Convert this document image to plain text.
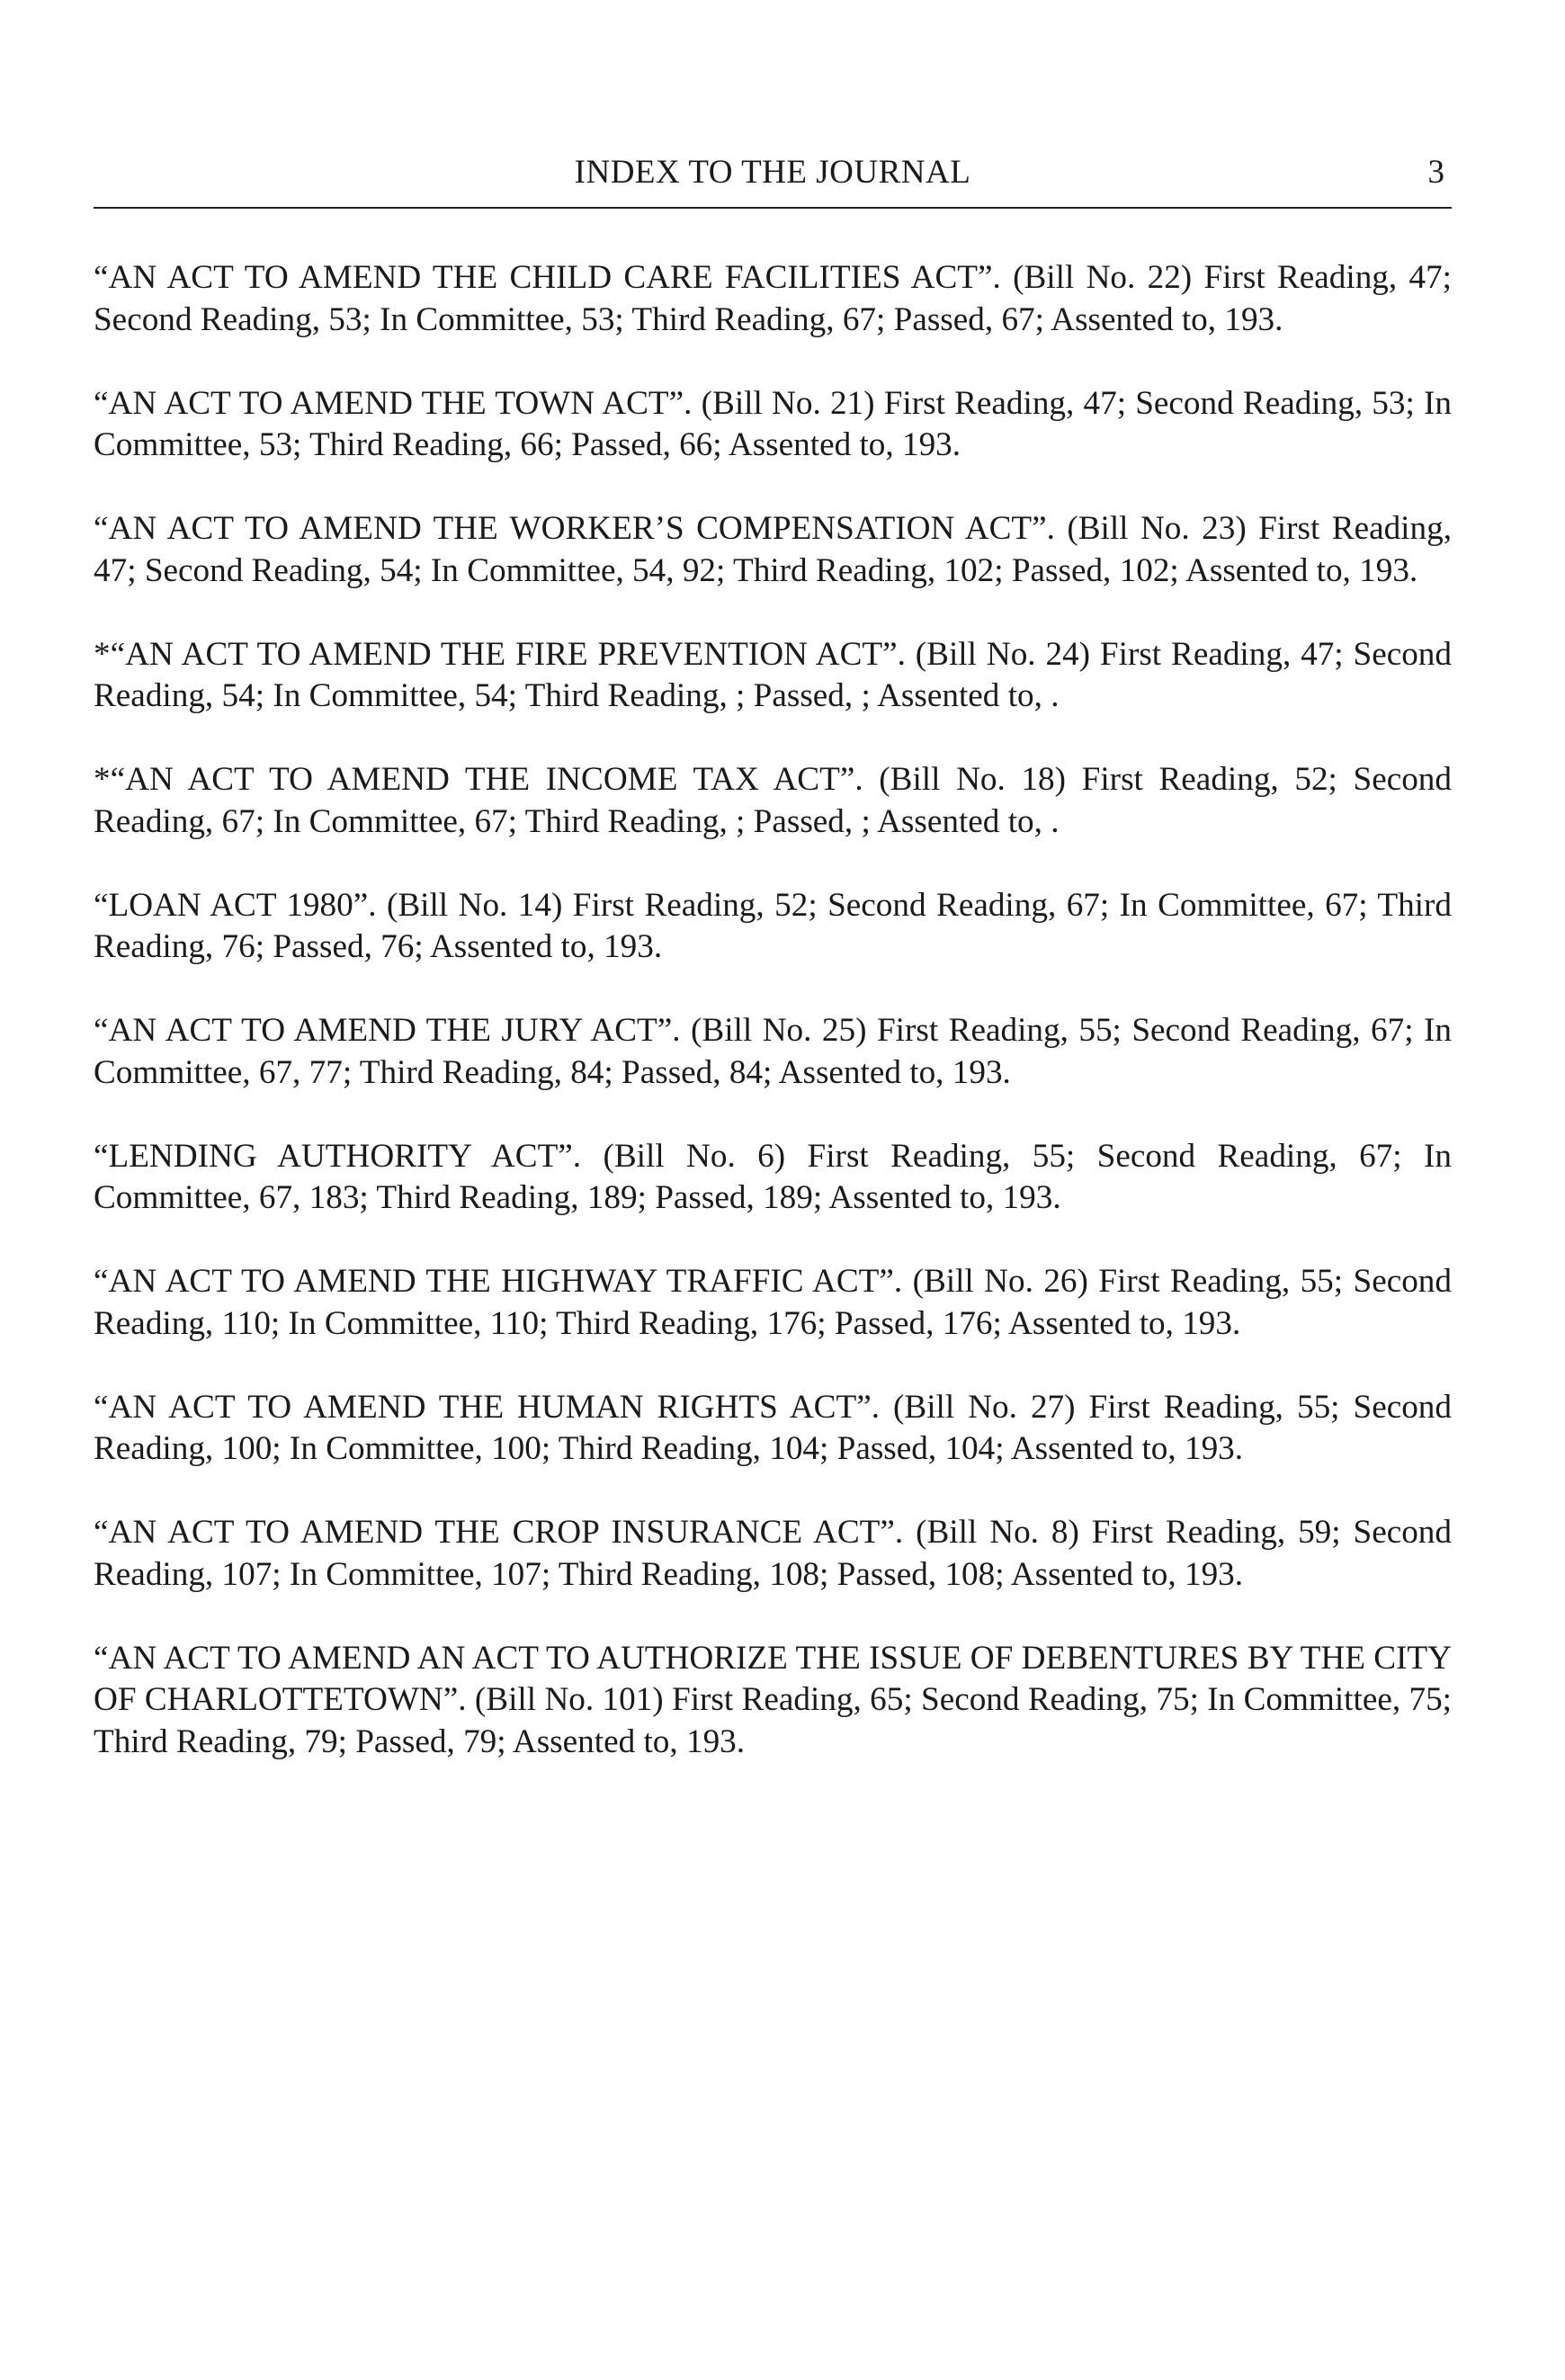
INDEX TO THE JOURNAL	3

“AN ACT TO AMEND THE CHILD CARE FACILITIES ACT”. (Bill No. 22) First Reading, 47; Second Reading, 53; In Committee, 53; Third Reading, 67; Passed, 67; Assented to, 193.

“AN ACT TO AMEND THE TOWN ACT”. (Bill No. 21) First Reading, 47; Second Reading, 53; In Committee, 53; Third Reading, 66; Passed, 66; Assented to, 193.

“AN ACT TO AMEND THE WORKER’S COMPENSATION ACT”. (Bill No. 23) First Reading, 47; Second Reading, 54; In Committee, 54, 92; Third Reading, 102; Passed, 102; Assented to, 193.

*“AN ACT TO AMEND THE FIRE PREVENTION ACT”. (Bill No. 24) First Reading, 47; Second Reading, 54; In Committee, 54; Third Reading, ; Passed, ; Assented to, .

*“AN ACT TO AMEND THE INCOME TAX ACT”. (Bill No. 18) First Reading, 52; Second Reading, 67; In Committee, 67; Third Reading, ; Passed, ; Assented to, .

“LOAN ACT 1980”. (Bill No. 14) First Reading, 52; Second Reading, 67; In Committee, 67; Third Reading, 76; Passed, 76; Assented to, 193.

“AN ACT TO AMEND THE JURY ACT”. (Bill No. 25) First Reading, 55; Second Reading, 67; In Committee, 67, 77; Third Reading, 84; Passed, 84; Assented to, 193.

“LENDING AUTHORITY ACT”. (Bill No. 6) First Reading, 55; Second Reading, 67; In Committee, 67, 183; Third Reading, 189; Passed, 189; Assented to, 193.

“AN ACT TO AMEND THE HIGHWAY TRAFFIC ACT”. (Bill No. 26) First Reading, 55; Second Reading, 110; In Committee, 110; Third Reading, 176; Passed, 176; Assented to, 193.

“AN ACT TO AMEND THE HUMAN RIGHTS ACT”. (Bill No. 27) First Reading, 55; Second Reading, 100; In Committee, 100; Third Reading, 104; Passed, 104; Assented to, 193.

“AN ACT TO AMEND THE CROP INSURANCE ACT”. (Bill No. 8) First Reading, 59; Second Reading, 107; In Committee, 107; Third Reading, 108; Passed, 108; Assented to, 193.

“AN ACT TO AMEND AN ACT TO AUTHORIZE THE ISSUE OF DEBENTURES BY THE CITY OF CHARLOTTETOWN”. (Bill No. 101) First Reading, 65; Second Reading, 75; In Committee, 75; Third Reading, 79; Passed, 79; Assented to, 193.
